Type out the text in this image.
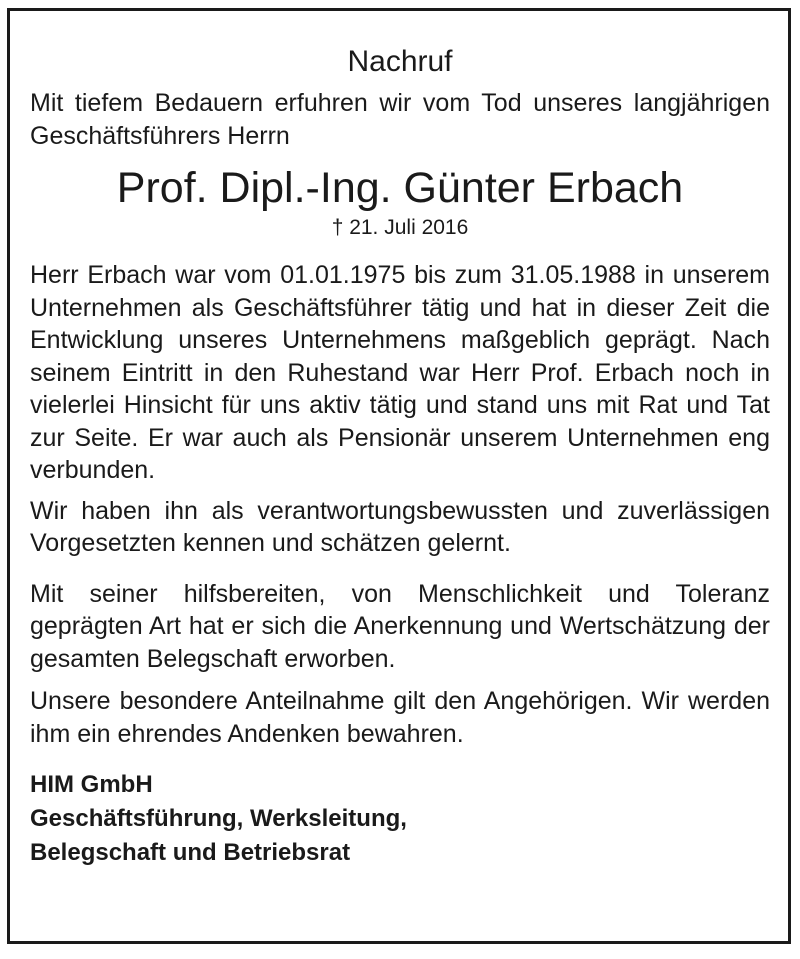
Nachruf
Mit tiefem Bedauern erfuhren wir vom Tod unseres langjährigen Geschäftsführers Herrn
Prof. Dipl.-Ing. Günter Erbach
† 21. Juli 2016
Herr Erbach war vom 01.01.1975 bis zum 31.05.1988 in unserem Unternehmen als Geschäftsführer tätig und hat in dieser Zeit die Entwicklung unseres Unternehmens maßgeblich geprägt. Nach seinem Eintritt in den Ruhestand war Herr Prof. Erbach noch in vielerlei Hinsicht für uns aktiv tätig und stand uns mit Rat und Tat zur Seite. Er war auch als Pensionär unserem Unternehmen eng verbunden.
Wir haben ihn als verantwortungsbewussten und zuverlässigen Vorgesetzten kennen und schätzen gelernt.
Mit seiner hilfsbereiten, von Menschlichkeit und Toleranz geprägten Art hat er sich die Anerkennung und Wertschätzung der gesamten Belegschaft erworben.
Unsere besondere Anteilnahme gilt den Angehörigen. Wir werden ihm ein ehrendes Andenken bewahren.
HIM GmbH
Geschäftsführung, Werksleitung,
Belegschaft und Betriebsrat
